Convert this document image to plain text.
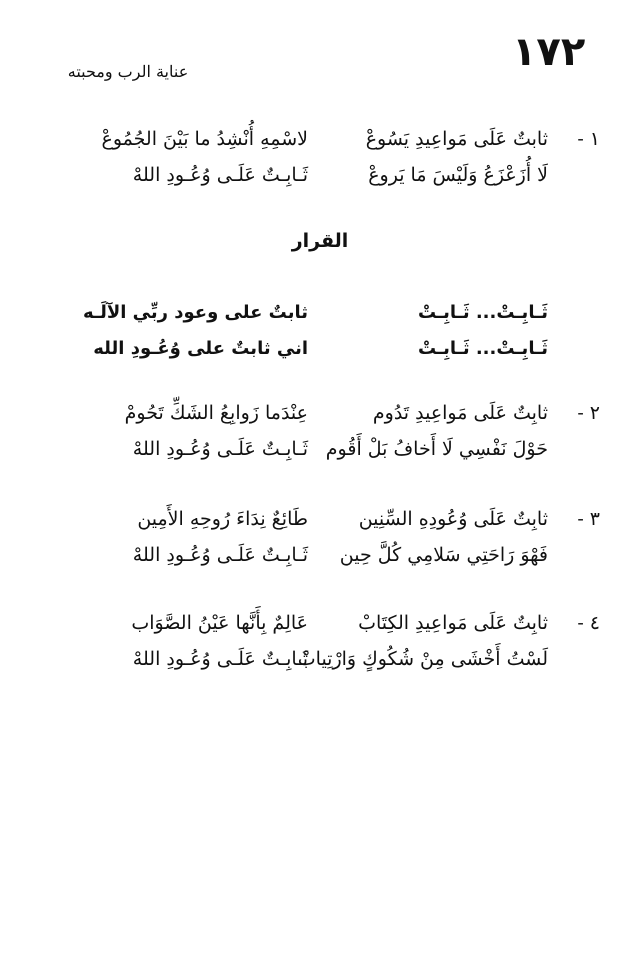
١٧٢
عناية الرب ومحبته
١ -
ثابتٌ عَلَى مَواعِيدِ يَسُوعْ
لاسْمِهِ أُنْشِدُ ما بَيْنَ الجُمُوعْ
لَا أُزَعْزَعُ وَلَيْسَ مَا يَروعْ
ثَـابِـتٌ عَلَـى وُعُـودِ اللهْ
القرار
ثَـابِـتْ... ثَـابِـتْ
ثابتٌ على وعود ربِّي الآلَـه
ثَـابِـتْ... ثَـابِـتْ
اني ثابتٌ على وُعُـودِ الله
٢ -
ثابِتٌ عَلَى مَواعِيدِ تَدُوم
عِنْدَما زَوابِعُ الشَكِّ تَحُومْ
حَوْلَ نَفْسِي لَا أَخافُ بَلْ أَقُوم
ثَـابِـتٌ عَلَـى وُعُـودِ اللهْ
٣ -
ثابِتٌ عَلَى وُعُودِهِ السِّنِين
طَائِعٌ نِدَاءَ رُوحِهِ الأَمِين
فَهْوَ رَاحَتِي سَلامِي كُلَّ حِين
ثَـابِـتٌ عَلَـى وُعُـودِ اللهْ
٤ -
ثابِتٌ عَلَى مَواعِيدِ الكِتَابْ
عَالِمٌ بِأَنَّها عَيْنُ الصَّوَاب
لَسْتُ أَخْشَى مِنْ شُكُوكٍ وَارْتِيابْ
ثَـابِـتٌ عَلَـى وُعُـودِ اللهْ
